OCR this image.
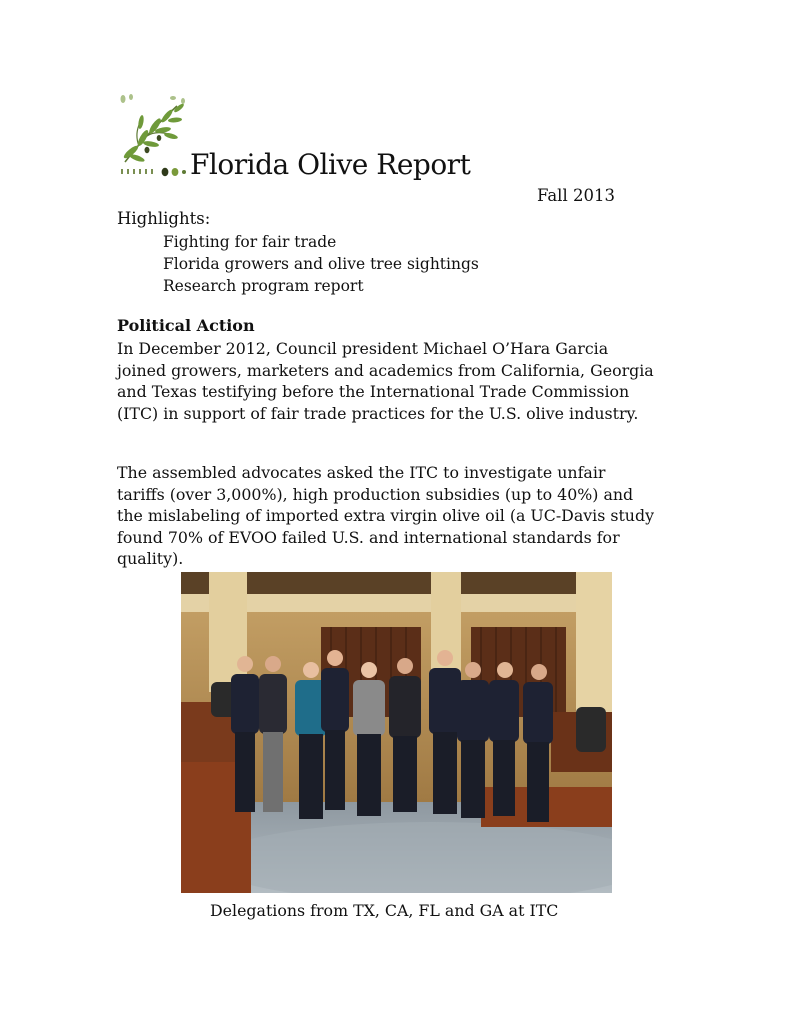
Florida Olive Report
Fall 2013
Highlights:
Fighting for fair trade
Florida growers and olive tree sightings
Research program report
Political Action

In December 2012, Council president Michael O’Hara Garcia joined growers, marketers and academics from California, Georgia and Texas testifying before the International Trade Commission (ITC) in support of fair trade practices for the U.S. olive industry.

The assembled advocates asked the ITC to investigate unfair tariffs (over 3,000%), high production subsidies (up to 40%) and the mislabeling of imported extra virgin olive oil (a UC-Davis study found 70% of EVOO failed U.S. and international standards for quality).

Delegations from TX, CA, FL and GA at ITC
